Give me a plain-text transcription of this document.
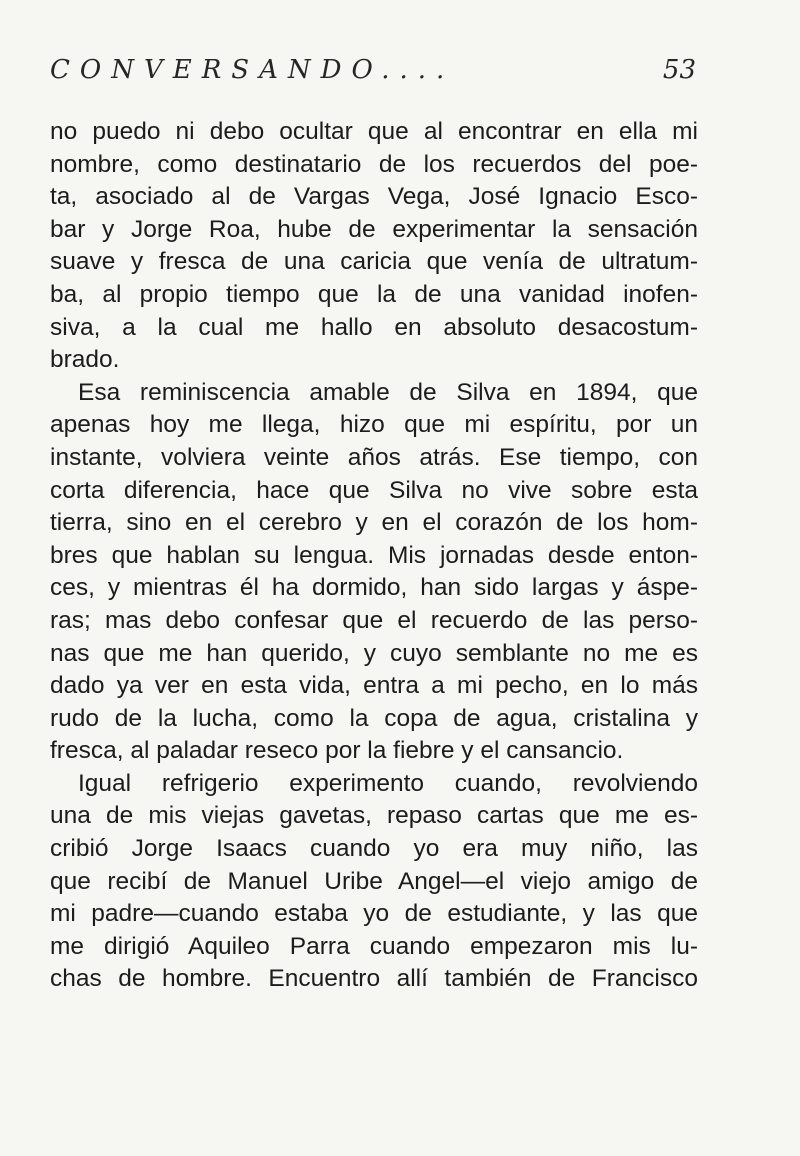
CONVERSANDO....	53
no puedo ni debo ocultar que al encontrar en ella mi
nombre, como destinatario de los recuerdos del poe-
ta, asociado al de Vargas Vega, José Ignacio Esco-
bar y Jorge Roa, hube de experimentar la sensación
suave y fresca de una caricia que venía de ultratum-
ba, al propio tiempo que la de una vanidad inofen-
siva, a la cual me hallo en absoluto desacostum-
brado.
Esa reminiscencia amable de Silva en 1894, que
apenas hoy me llega, hizo que mi espíritu, por un
instante, volviera veinte años atrás. Ese tiempo, con
corta diferencia, hace que Silva no vive sobre esta
tierra, sino en el cerebro y en el corazón de los hom-
bres que hablan su lengua. Mis jornadas desde enton-
ces, y mientras él ha dormido, han sido largas y áspe-
ras; mas debo confesar que el recuerdo de las perso-
nas que me han querido, y cuyo semblante no me es
dado ya ver en esta vida, entra a mi pecho, en lo más
rudo de la lucha, como la copa de agua, cristalina y
fresca, al paladar reseco por la fiebre y el cansancio.
Igual refrigerio experimento cuando, revolviendo
una de mis viejas gavetas, repaso cartas que me es-
cribió Jorge Isaacs cuando yo era muy niño, las
que recibí de Manuel Uribe Angel—el viejo amigo de
mi padre—cuando estaba yo de estudiante, y las que
me dirigió Aquileo Parra cuando empezaron mis lu-
chas de hombre. Encuentro allí también de Francisco
